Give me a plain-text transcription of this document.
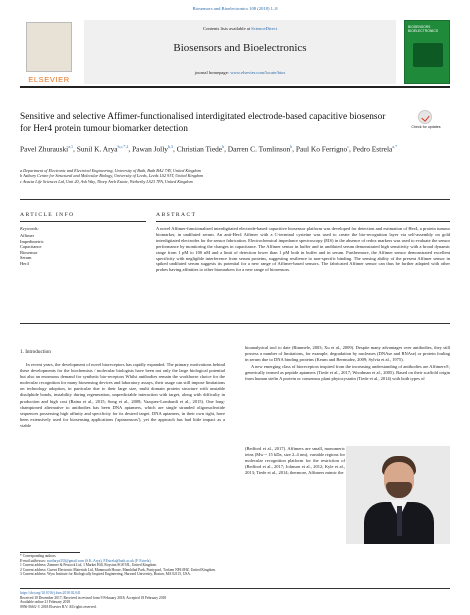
Biosensors and Bioelectronics 108 (2018) 1–8
ELSEVIER
Contents lists available at ScienceDirect
Biosensors and Bioelectronics
journal homepage: www.elsevier.com/locate/bios
BIOSENSORS BIOELECTRONICS
Sensitive and selective Affimer-functionalised interdigitated electrode-based capacitive biosensor for Her4 protein tumour biomarker detection	Check for updates
Pavel Zhurauski$^{a,1}$, Sunil K. Arya$^{b,c,*,2}$, Pawan Jolly$^{b,3}$, Christian Tiede$^b$, Darren C. Tomlinson$^b$, Paul Ko Ferrigno$^c$, Pedro Estrela$^{a,*}$
a Department of Electronic and Electrical Engineering, University of Bath, Bath BA2 7AY, United Kingdom
b Astbury Centre for Structural and Molecular Biology, University of Leeds, Leeds LS2 9JT, United Kingdom
c Avacta Life Sciences Ltd, Unit 20, Ash Way, Thorp Arch Estate, Wetherby LS23 7FA, United Kingdom
ARTICLE INFO	ABSTRACT
Keywords:
Affimer
Impedimetric
Capacitance
Biosensor
Serum
Her4
A novel Affimer-functionalised interdigitated electrode-based capacitive biosensor platform was developed for detection and estimation of Her4, a protein tumour biomarker, in undiluted serum. An anti-Her4 Affimer with a C-terminal cysteine was used to create the bio-recognition layer via self-assembly on gold interdigitated electrodes for the sensor fabrication. Electrochemical impedance spectroscopy (EIS) in the absence of redox markers was used to evaluate the sensor performance by monitoring the changes in capacitance. The Affimer sensor in buffer and in undiluted serum demonstrated high sensitivity with a broad dynamic range from 1 pM to 100 nM and a limit of detection lower than 1 pM both in buffer and in serum. Furthermore, the Affimer sensor demonstrated excellent specificity with negligible interference from serum proteins, suggesting resilience to non-specific binding. The sensing ability of the present Affimer sensor in spiked undiluted serum suggests its potential for a new range of Affimer-based sensors. The fabricated Affimer sensor can thus be further adapted with other probes having affinities to other biomarkers for a new range of biosensors.
1. Introduction

In recent years, the development of novel bioreceptors has rapidly expanded. The primary motivations behind these developments for the biochemists / molecular biologists have been not only the large biological potential but also an enormous demand for synthetic bio-receptors Whilst antibodies remain the workhorse choice for the molecular recognition for many biosensing devices and laboratory assays, their usage can still impose limitations on technology adoption, in particular due to their large size, multi domain protein structure with unstable disulphide bonds, instability during regeneration, unpredictable interaction with target, along with difficulty in production and high cost (Raina et al., 2015; Song et al., 2008; Vazquez-Lombardi et al., 2015). One long-championed alternative to antibodies has been DNA aptamers, which are single stranded oligonucleotide sequences possessing high affinity and specificity for its desired target. DNA aptamers, in their own right, have been extensively used for biosensing applications ('aptasensors'), yet the approach has had little impact as a viable

bioanalytical tool to date (Rimmele, 2003; Xu et al., 2009). Despite many advantages over antibodies, they still possess a number of limitations, for example, degradation by nucleases (DNAse and RNAse) or protein fouling in serum due to DNA binding proteins (Keum and Bermudez, 2009; Sylvia et al., 1975).

A new emerging class of bioreceptors inspired from the increasing understanding of antibodies are Affimers®, generically termed as peptide aptamers (Tiede et al., 2017; Woodman et al., 2005). Based on their scaffold origin from human stefin A protein or consensus plant phytocystatin (Tiede et al., 2014) with both types of

(Bedford et al., 2017). Affimers are small, monomeric teins (Mw ~ 15 kDa, size 2–4 nm), variable regions for molecular recognition platform for the restriction of (Bedford et al., 2017; Johnson et al., 2012; Kyle et al., 2013; Tiede et al., 2014; thermore, Affimers mimic the
* Corresponding authors.
E-mail addresses: sunilarya333@gmail.com (S.K. Arya), P.Estrela@bath.ac.uk (P. Estrela).
1 Current address: Zimmer & Peacock Ltd, 1 Market Hill, Royston SG8 9JL, United Kingdom.
2 Current address: Gwent Electronic Materials Ltd, Monmouth House, Mamhilad Park, Pontypool, Torfaen NP4 0HZ. United Kingdom.
3 Current address: Wyss Institute for Biologically Inspired Engineering, Harvard University, Boston, MA 02115, USA.
https://doi.org/10.1016/j.bios.2018.02.041
Received 10 December 2017; Received in revised form 9 February 2018; Accepted 18 February 2018
Available online 21 February 2018
0956-5663/ © 2018 Elsevier B.V. All rights reserved.
